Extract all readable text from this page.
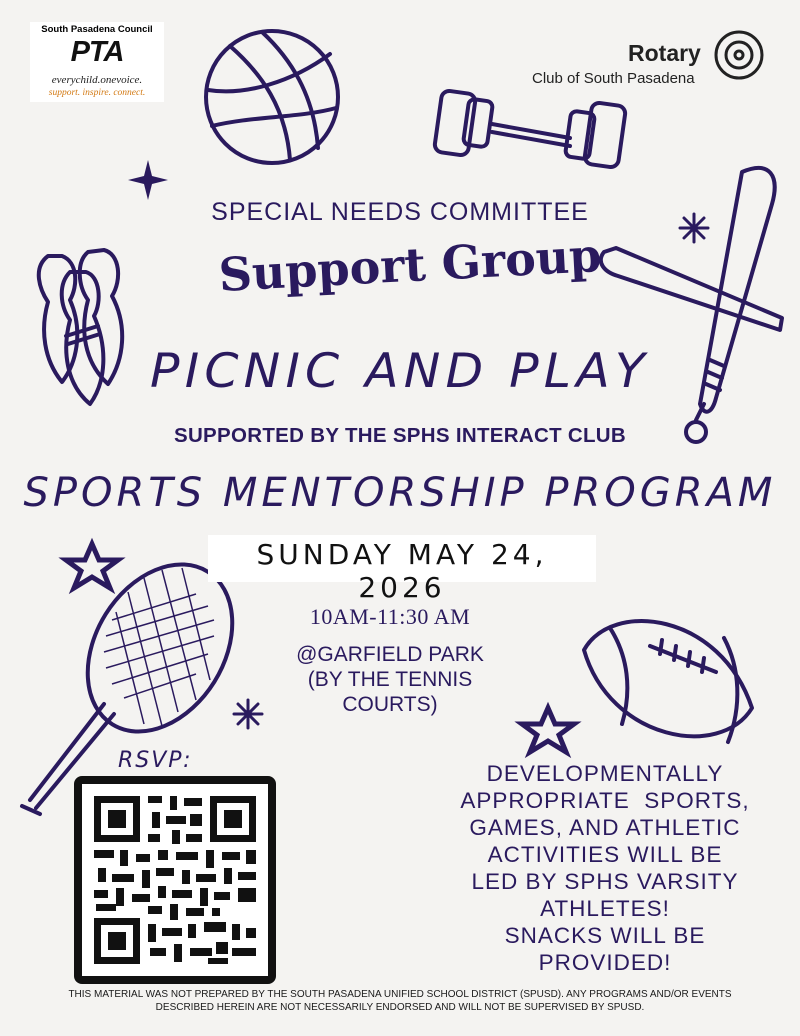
South Pasadena Council
PTA
everychild.onevoice.
support. inspire. connect.
Rotary
Club of South Pasadena
SPECIAL NEEDS COMMITTEE
Support Group
PICNIC AND PLAY
SUPPORTED BY THE SPHS INTERACT CLUB
SPORTS MENTORSHIP PROGRAM
SUNDAY MAY 24, 2026
10AM-11:30 AM
@GARFIELD PARK
(BY THE TENNIS
COURTS)
RSVP:
DEVELOPMENTALLY
APPROPRIATE  SPORTS,
GAMES, AND ATHLETIC
ACTIVITIES WILL BE
LED BY SPHS VARSITY
ATHLETES!
SNACKS WILL BE
PROVIDED!
THIS MATERIAL WAS NOT PREPARED BY THE SOUTH PASADENA UNIFIED SCHOOL DISTRICT (SPUSD). ANY PROGRAMS AND/OR EVENTS
DESCRIBED HEREIN ARE NOT NECESSARILY ENDORSED AND WILL NOT BE SUPERVISED BY SPUSD.
